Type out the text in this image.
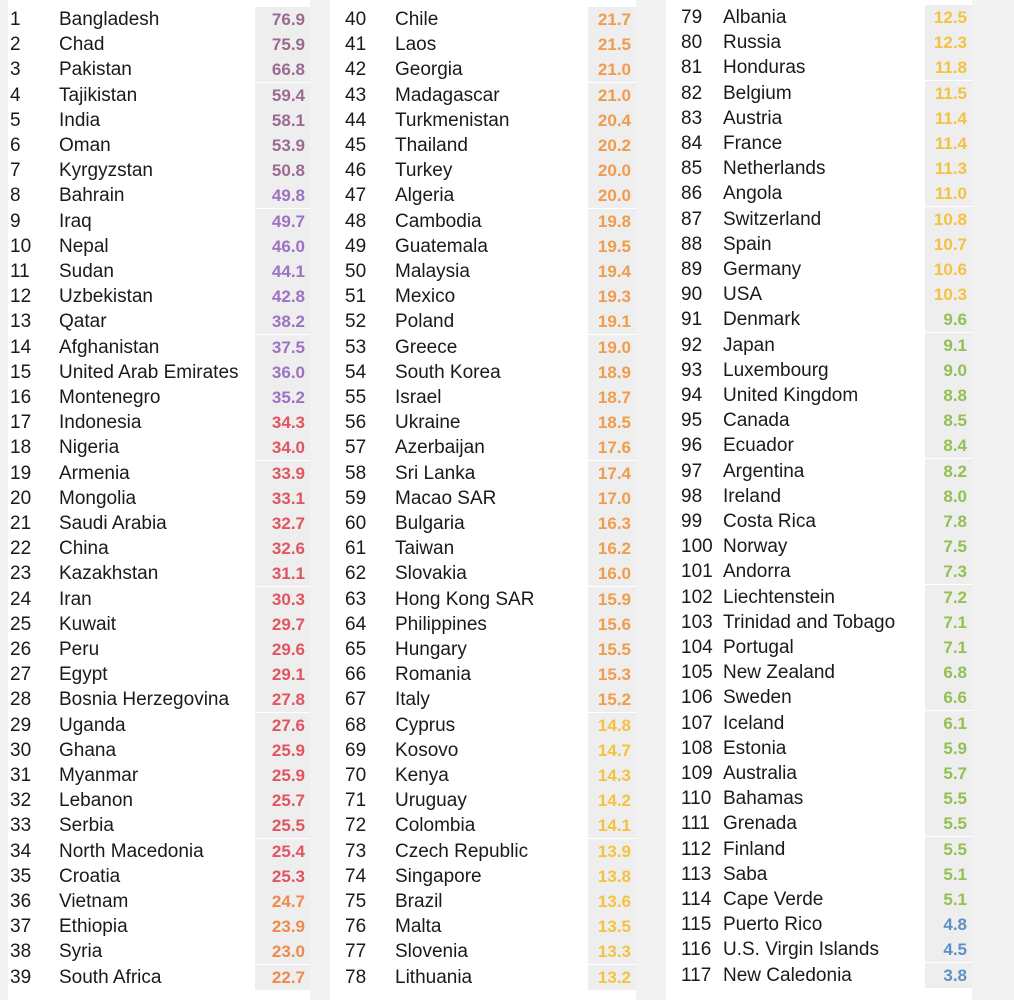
1 Bangladesh	76.9
2 Chad	75.9
3 Pakistan	66.8
4 Tajikistan	59.4
5 India	58.1
6 Oman	53.9
7 Kyrgyzstan	50.8
8 Bahrain	49.8
9 Iraq	49.7
10 Nepal	46.0
11 Sudan	44.1
12 Uzbekistan	42.8
13 Qatar	38.2
14 Afghanistan	37.5
15 United Arab Emirates	36.0
16 Montenegro	35.2
17 Indonesia	34.3
18 Nigeria	34.0
19 Armenia	33.9
20 Mongolia	33.1
21 Saudi Arabia	32.7
22 China	32.6
23 Kazakhstan	31.1
24 Iran	30.3
25 Kuwait	29.7
26 Peru	29.6
27 Egypt	29.1
28 Bosnia Herzegovina	27.8
29 Uganda	27.6
30 Ghana	25.9
31 Myanmar	25.9
32 Lebanon	25.7
33 Serbia	25.5
34 North Macedonia	25.4
35 Croatia	25.3
36 Vietnam	24.7
37 Ethiopia	23.9
38 Syria	23.0
39 South Africa	22.7
40 Chile	21.7
41 Laos	21.5
42 Georgia	21.0
43 Madagascar	21.0
44 Turkmenistan	20.4
45 Thailand	20.2
46 Turkey	20.0
47 Algeria	20.0
48 Cambodia	19.8
49 Guatemala	19.5
50 Malaysia	19.4
51 Mexico	19.3
52 Poland	19.1
53 Greece	19.0
54 South Korea	18.9
55 Israel	18.7
56 Ukraine	18.5
57 Azerbaijan	17.6
58 Sri Lanka	17.4
59 Macao SAR	17.0
60 Bulgaria	16.3
61 Taiwan	16.2
62 Slovakia	16.0
63 Hong Kong SAR	15.9
64 Philippines	15.6
65 Hungary	15.5
66 Romania	15.3
67 Italy	15.2
68 Cyprus	14.8
69 Kosovo	14.7
70 Kenya	14.3
71 Uruguay	14.2
72 Colombia	14.1
73 Czech Republic	13.9
74 Singapore	13.8
75 Brazil	13.6
76 Malta	13.5
77 Slovenia	13.3
78 Lithuania	13.2
79 Albania	12.5
80 Russia	12.3
81 Honduras	11.8
82 Belgium	11.5
83 Austria	11.4
84 France	11.4
85 Netherlands	11.3
86 Angola	11.0
87 Switzerland	10.8
88 Spain	10.7
89 Germany	10.6
90 USA	10.3
91 Denmark	9.6
92 Japan	9.1
93 Luxembourg	9.0
94 United Kingdom	8.8
95 Canada	8.5
96 Ecuador	8.4
97 Argentina	8.2
98 Ireland	8.0
99 Costa Rica	7.8
100 Norway	7.5
101 Andorra	7.3
102 Liechtenstein	7.2
103 Trinidad and Tobago	7.1
104 Portugal	7.1
105 New Zealand	6.8
106 Sweden	6.6
107 Iceland	6.1
108 Estonia	5.9
109 Australia	5.7
110 Bahamas	5.5
111 Grenada	5.5
112 Finland	5.5
113 Saba	5.1
114 Cape Verde	5.1
115 Puerto Rico	4.8
116 U.S. Virgin Islands	4.5
117 New Caledonia	3.8
